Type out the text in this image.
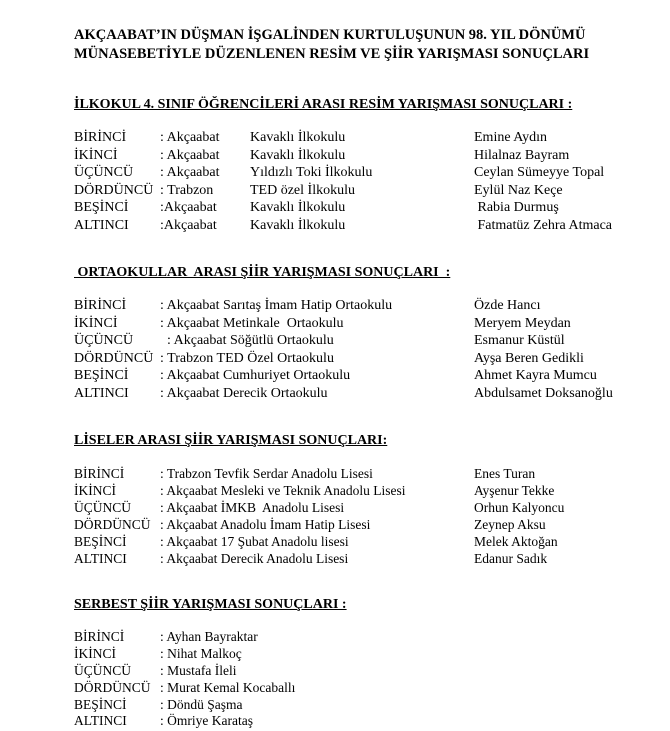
AKÇAABAT’IN DÜŞMAN İŞGALİNDEN KURTULUŞUNUN 98. YIL DÖNÜMÜ
MÜNASEBETİYLE DÜZENLENEN RESİM VE ŞİİR YARIŞMASI SONUÇLARI
İLKOKUL 4. SINIF ÖĞRENCİLERİ ARASI RESİM YARIŞMASI SONUÇLARI :
BİRİNCİ : Akçaabat Kavaklı İlkokulu	Emine Aydın
İKİNCİ	: Akçaabat Kavaklı İlkokulu	Hilalnaz Bayram
ÜÇÜNCÜ : Akçaabat Yıldızlı Toki İlkokulu	Ceylan Sümeyye Topal
DÖRDÜNCÜ : Trabzon	TED özel İlkokulu	Eylül Naz Keçe
BEŞİNCİ :Akçaabat Kavaklı İlkokulu	Rabia Durmuş
ALTINCI :Akçaabat Kavaklı İlkokulu	Fatmatüz Zehra Atmaca
ORTAOKULLAR  ARASI ŞİİR YARIŞMASI SONUÇLARI  :
BİRİNCİ : Akçaabat Sarıtaş İmam Hatip Ortaokulu	Özde Hancı
İKİNCİ	: Akçaabat Metinkale  Ortaokulu	Meryem Meydan
ÜÇÜNCÜ : Akçaabat Söğütlü Ortaokulu	Esmanur Küstül
DÖRDÜNCÜ : Trabzon TED Özel Ortaokulu	Ayşa Beren Gedikli
BEŞİNCİ : Akçaabat Cumhuriyet Ortaokulu	Ahmet Kayra Mumcu
ALTINCI : Akçaabat Derecik Ortaokulu	Abdulsamet Doksanoğlu
LİSELER ARASI ŞİİR YARIŞMASI SONUÇLARI:
BİRİNCİ	: Trabzon Tevfik Serdar Anadolu Lisesi	Enes Turan
İKİNCİ	: Akçaabat Mesleki ve Teknik Anadolu Lisesi	Ayşenur Tekke
ÜÇÜNCÜ : Akçaabat İMKB  Anadolu Lisesi	Orhun Kalyoncu
DÖRDÜNCÜ : Akçaabat Anadolu İmam Hatip Lisesi	Zeynep Aksu
BEŞİNCİ : Akçaabat 17 Şubat Anadolu lisesi	Melek Aktoğan
ALTINCI : Akçaabat Derecik Anadolu Lisesi	Edanur Sadık
SERBEST ŞİİR YARIŞMASI SONUÇLARI :
BİRİNCİ	: Ayhan Bayraktar
İKİNCİ	: Nihat Malkoç
ÜÇÜNCÜ : Mustafa İleli
DÖRDÜNCÜ : Murat Kemal Kocaballı
BEŞİNCİ : Döndü Şaşma
ALTINCI : Ömriye Karataş
